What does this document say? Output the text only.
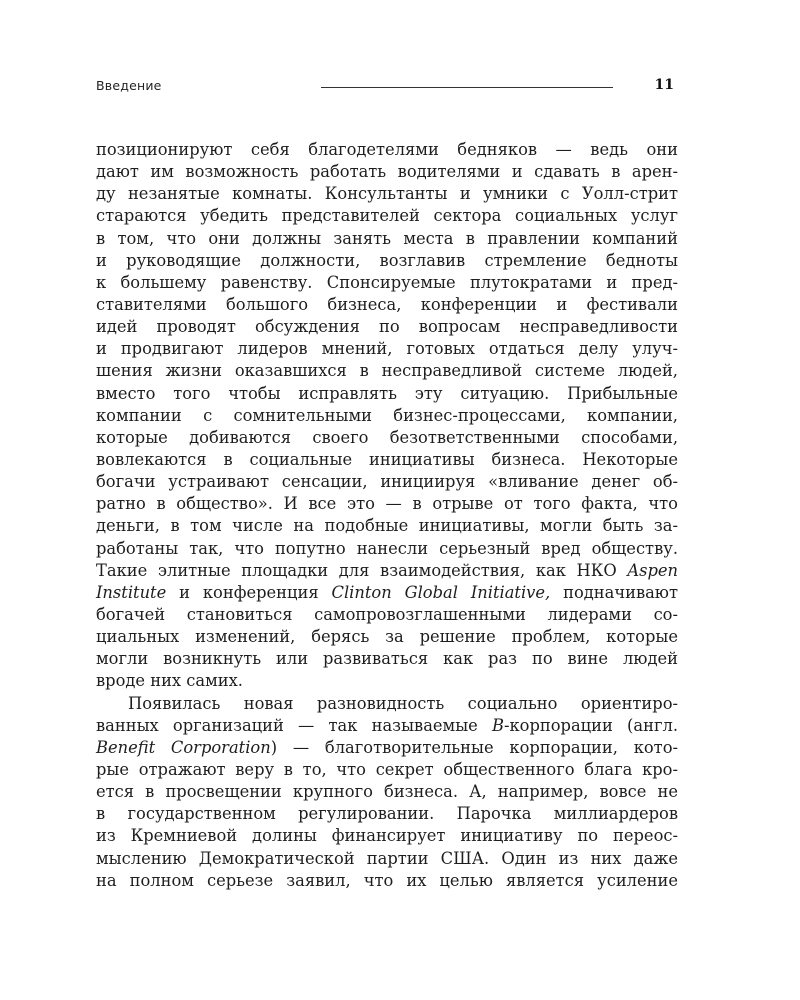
Введение	11
позиционируют себя благодетелями бедняков — ведь они
дают им возможность работать водителями и сдавать в арен-
ду незанятые комнаты. Консультанты и умники с Уолл-стрит
стараются убедить представителей сектора социальных услуг
в том, что они должны занять места в правлении компаний
и руководящие должности, возглавив стремление бедноты
к большему равенству. Спонсируемые плутократами и пред-
ставителями большого бизнеса, конференции и фестивали
идей проводят обсуждения по вопросам несправедливости
и продвигают лидеров мнений, готовых отдаться делу улуч-
шения жизни оказавшихся в несправедливой системе людей,
вместо того чтобы исправлять эту ситуацию. Прибыльные
компании с сомнительными бизнес-процессами, компании,
которые добиваются своего безответственными способами,
вовлекаются в социальные инициативы бизнеса. Некоторые
богачи устраивают сенсации, инициируя «вливание денег об-
ратно в общество». И все это — в отрыве от того факта, что
деньги, в том числе на подобные инициативы, могли быть за-
работаны так, что попутно нанесли серьезный вред обществу.
Такие элитные площадки для взаимодействия, как НКО Aspen
Institute и конференция Clinton Global Initiative, подначивают
богачей становиться самопровозглашенными лидерами со-
циальных изменений, берясь за решение проблем, которые
могли возникнуть или развиваться как раз по вине людей
вроде них самих.
Появилась новая разновидность социально ориентиро-
ванных организаций — так называемые B-корпорации (англ.
Benefit Corporation) — благотворительные корпорации, кото-
рые отражают веру в то, что секрет общественного блага кро-
ется в просвещении крупного бизнеса. А, например, вовсе не
в государственном регулировании. Парочка миллиардеров
из Кремниевой долины финансирует инициативу по переос-
мыслению Демократической партии США. Один из них даже
на полном серьезе заявил, что их целью является усиление
